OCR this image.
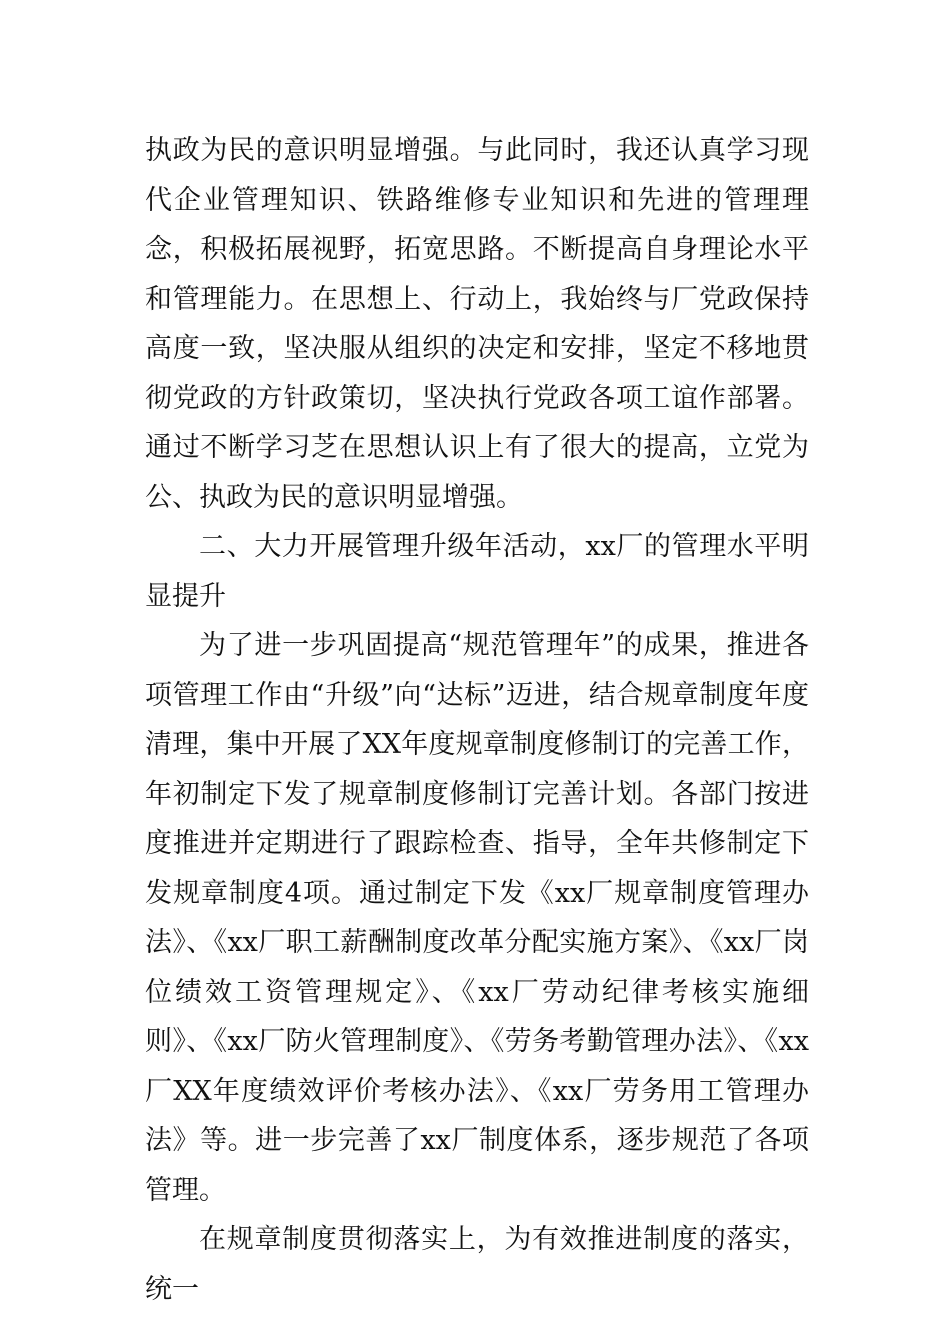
执政为民的意识明显增强。与此同时，我还认真学习现代企业管理知识、铁路维修专业知识和先进的管理理念，积极拓展视野，拓宽思路。不断提高自身理论水平和管理能力。在思想上、行动上，我始终与厂党政保持高度一致，坚决服从组织的决定和安排，坚定不移地贯彻党政的方针政策切，坚决执行党政各项工谊作部署。通过不断学习芝在思想认识上有了很大的提高，立党为公、执政为民的意识明显增强。

二、大力开展管理升级年活动，xx厂的管理水平明显提升

为了进一步巩固提高“规范管理年”的成果，推进各项管理工作由“升级”向“达标”迈进，结合规章制度年度清理，集中开展了XX年度规章制度修制订的完善工作，年初制定下发了规章制度修制订完善计划。各部门按进度推进并定期进行了跟踪检查、指导，全年共修制定下发规章制度4项。通过制定下发《xx厂规章制度管理办法》、《xx厂职工薪酬制度改革分配实施方案》、《xx厂岗位绩效工资管理规定》、《xx厂劳动纪律考核实施细则》、《xx厂防火管理制度》、《劳务考勤管理办法》、《xx厂XX年度绩效评价考核办法》、《xx厂劳务用工管理办法》等。进一步完善了xx厂制度体系，逐步规范了各项管理。

在规章制度贯彻落实上，为有效推进制度的落实，统一
